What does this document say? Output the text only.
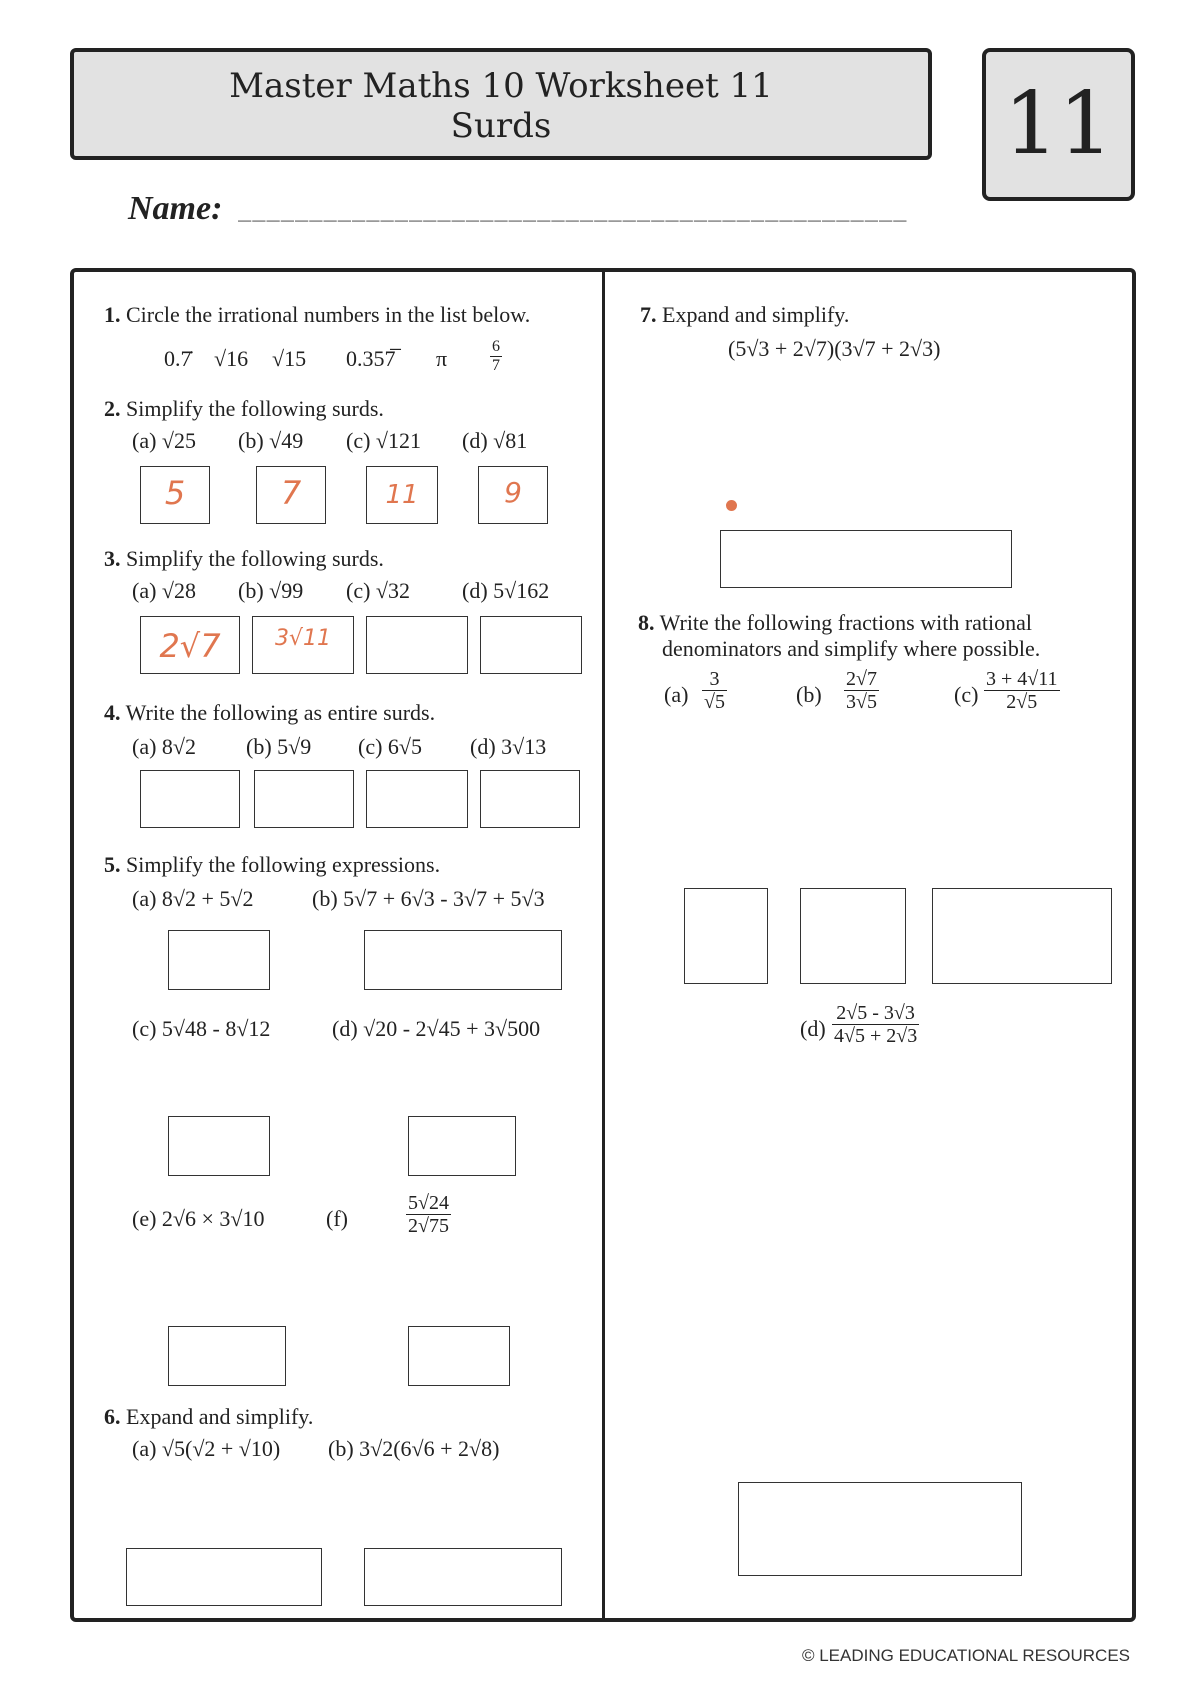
Master Maths 10 Worksheet 11
Surds	11
Name: _______________________________________________
1. Circle the irrational numbers in the list below.
0.7̇ √16 √15 0.357̅ π	$\frac{6}{7}$
2. Simplify the following surds.
(a) √25 (b) √49 (c) √121 (d) √81
5	7	11	9
3. Simplify the following surds.
(a) √28 (b) √99 (c) √32 (d) 5√162
2√7	3√11
4. Write the following as entire surds.
(a) 8√2 (b) 5√9 (c) 6√5 (d) 3√13
5. Simplify the following expressions.
(a) 8√2 + 5√2	(b) 5√7 + 6√3 - 3√7 + 5√3
(c) 5√48 - 8√12	(d) √20 - 2√45 + 3√500
(e) 2√6 × 3√10	(f)	$\frac{5√24}{2√75}$
6. Expand and simplify.
(a) √5(√2 + √10) (b) 3√2(6√6 + 2√8)
7. Expand and simplify.
(5√3 + 2√7)(3√7 + 2√3)
8. Write the following fractions with rational
denominators and simplify where possible.
$(a) \frac{3}{√5}$	$(b) \frac{2√7}{3√5}$	$(c) \frac{3 + 4√11}{2√5}$
$(d) \frac{2√5 - 3√3}{4√5 + 2√3}$
© LEADING EDUCATIONAL RESOURCES
